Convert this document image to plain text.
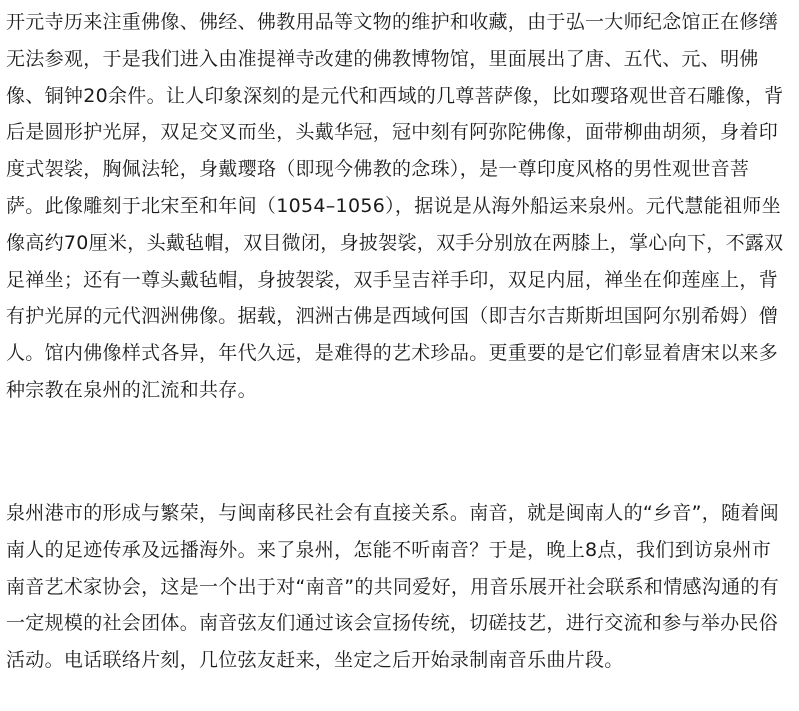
开元寺历来注重佛像、佛经、佛教用品等文物的维护和收藏，由于弘一大师纪念馆正在修缮
无法参观，于是我们进入由准提禅寺改建的佛教博物馆，里面展出了唐、五代、元、明佛
像、铜钟20余件。让人印象深刻的是元代和西域的几尊菩萨像，比如璎珞观世音石雕像，背
后是圆形护光屏，双足交叉而坐，头戴华冠，冠中刻有阿弥陀佛像，面带柳曲胡须，身着印
度式袈裟，胸佩法轮，身戴璎珞（即现今佛教的念珠），是一尊印度风格的男性观世音菩
萨。此像雕刻于北宋至和年间（1054–1056），据说是从海外船运来泉州。元代慧能祖师坐
像高约70厘米，头戴毡帽，双目微闭，身披袈裟，双手分别放在两膝上，掌心向下，不露双
足禅坐；还有一尊头戴毡帽，身披袈裟，双手呈吉祥手印，双足内屈，禅坐在仰莲座上，背
有护光屏的元代泗洲佛像。据载，泗洲古佛是西域何国（即吉尔吉斯斯坦国阿尔别希姆）僧
人。馆内佛像样式各异，年代久远，是难得的艺术珍品。更重要的是它们彰显着唐宋以来多
种宗教在泉州的汇流和共存。
泉州港市的形成与繁荣，与闽南移民社会有直接关系。南音，就是闽南人的“乡音”，随着闽
南人的足迹传承及远播海外。来了泉州，怎能不听南音？于是，晚上8点，我们到访泉州市
南音艺术家协会，这是一个出于对“南音”的共同爱好，用音乐展开社会联系和情感沟通的有
一定规模的社会团体。南音弦友们通过该会宣扬传统，切磋技艺，进行交流和参与举办民俗
活动。电话联络片刻，几位弦友赶来，坐定之后开始录制南音乐曲片段。
